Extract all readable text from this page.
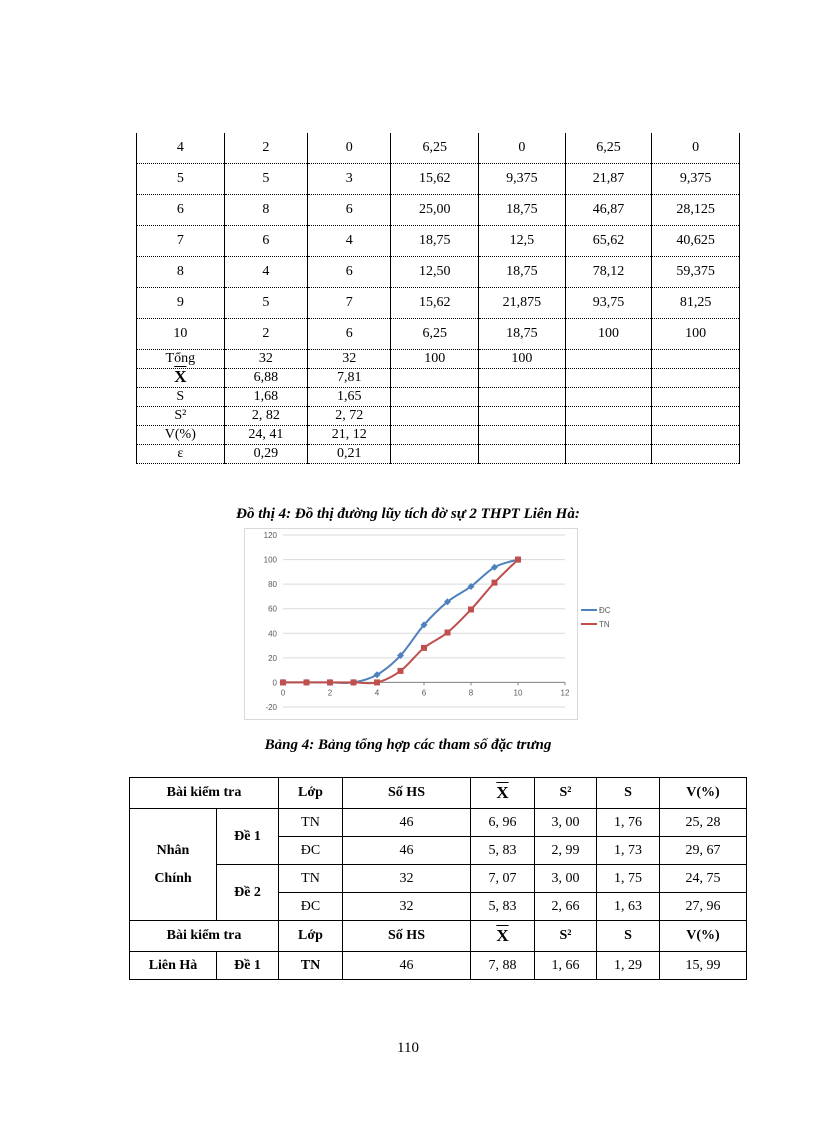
4	2	0	6,25	0	6,25	0
5	5	3	15,62	9,375	21,87	9,375
6	8	6	25,00	18,75	46,87	28,125
7	6	4	18,75	12,5	65,62	40,625
8	4	6	12,50	18,75	78,12	59,375
9	5	7	15,62	21,875	93,75	81,25
10	2	6	6,25	18,75	100	100
Tổng	32	32	100	100		
$\overline{X}$	6,88	7,81				
S	1,68	1,65				
S²	2, 82	2, 72				
V(%)	24, 41	21, 12				
ε	0,29	0,21				
Đồ thị 4: Đồ thị đường lũy tích đờ sự 2 THPT Liên Hà:
-20
0
20
40
60
80
100
120
0	2	4	6	8	10	12
Bảng 4: Bảng tổng hợp các tham số đặc trưng
Bài kiểm tra		Lớp	Số HS	$\overline{X}$	S²	S	V(%)
Nhân Chính	Đề 1	TN	46	6, 96	3, 00	1, 76	25, 28
		ĐC	46	5, 83	2, 99	1, 73	29, 67
	Đề 2	TN	32	7, 07	3, 00	1, 75	24, 75
		ĐC	32	5, 83	2, 66	1, 63	27, 96
Bài kiểm tra		Lớp	Số HS	$\overline{X}$	S²	S	V(%)
Liên Hà	Đề 1	TN	46	7, 88	1, 66	1, 29	15, 99
110
ĐC
TN
